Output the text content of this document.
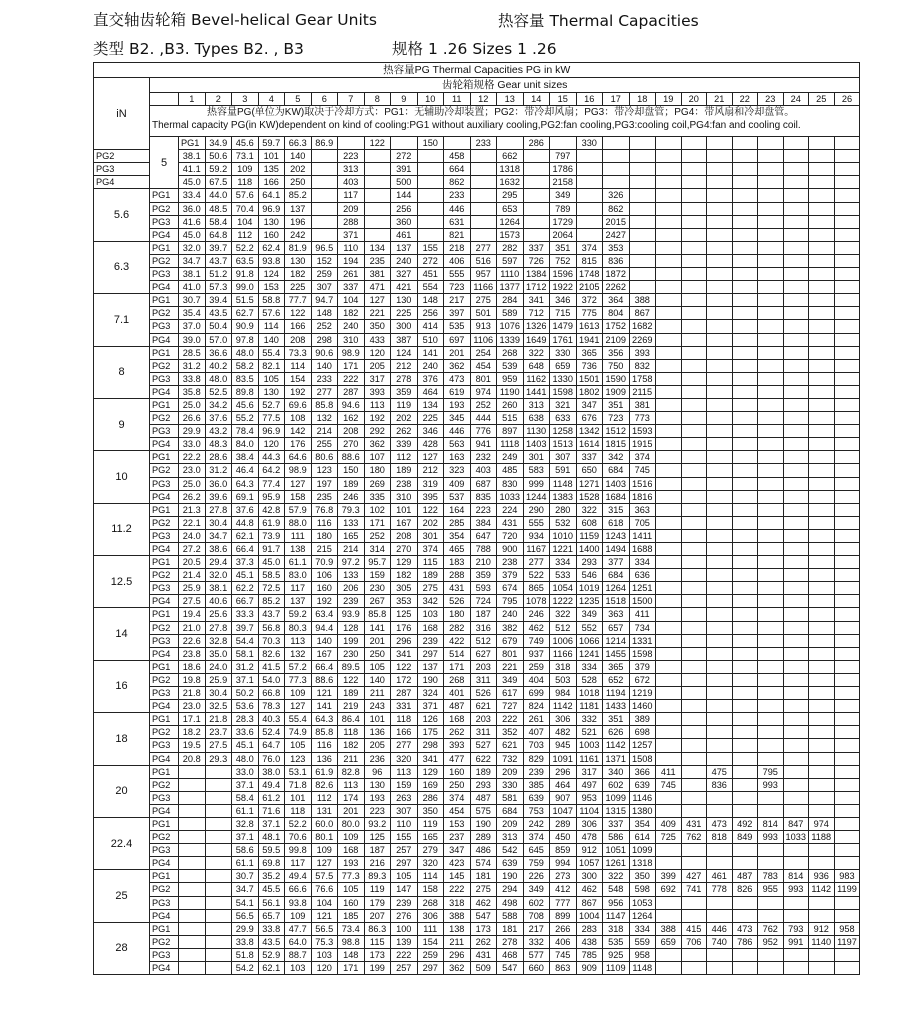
直交轴齿轮箱 Bevel-helical Gear Units	热容量 Thermal Capacities
类型 B2. ,B3. Types B2. , B3	规格 1 .26 Sizes 1 .26
热容量PG Thermal Capacities PG in kW																												
iN	齿轮箱规格 Gear unit sizes																											
		1	2	3	4	5	6	7	8	9	10	11	12	13	14	15	16	17	18	19	20	21	22	23	24	25	26	

	热容量PG(单位为KW)取决于冷却方式：PG1：无辅助冷却装置；PG2：带冷却风扇；PG3：带冷却盘管；PG4：带风扇和冷却盘管。
Thermal capacity PG(in KW)dependent on kind of cooling:PG1 without auxiliary cooling,PG2:fan cooling,PG3:cooling coil,PG4:fan and cooling coil.																											

	5	PG1	34.9	45.6	59.7	66.3	86.9		122		150		233		286		330											
PG2		38.1	50.6	73.1	101	140		223		272		458		662		797												
PG3		41.1	59.2	109	135	202		313		391		664		1318		1786												
PG4		45.0	67.5	118	166	250		403		500		862		1632		2158												
5.6	PG1	33.4	44.0	57.6	64.1	85.2		117		144		233		295		349		326										
	PG2	36.0	48.5	70.4	96.9	137		209		256		446		653		789		862										
	PG3	41.6	58.4	104	130	196		288		360		631		1264		1729		2015										
	PG4	45.0	64.8	112	160	242		371		461		821		1573		2064		2427										
6.3	PG1	32.0	39.7	52.2	62.4	81.9	96.5	110	134	137	155	218	277	282	337	351	374	353										
	PG2	34.7	43.7	63.5	93.8	130	152	194	235	240	272	406	516	597	726	752	815	836										
	PG3	38.1	51.2	91.8	124	182	259	261	381	327	451	555	957	1110	1384	1596	1748	1872										
	PG4	41.0	57.3	99.0	153	225	307	337	471	421	554	723	1166	1377	1712	1922	2105	2262										
7.1	PG1	30.7	39.4	51.5	58.8	77.7	94.7	104	127	130	148	217	275	284	341	346	372	364	388									
	PG2	35.4	43.5	62.7	57.6	122	148	182	221	225	256	397	501	589	712	715	775	804	867									
	PG3	37.0	50.4	90.9	114	166	252	240	350	300	414	535	913	1076	1326	1479	1613	1752	1682									
	PG4	39.0	57.0	97.8	140	208	298	310	433	387	510	697	1106	1339	1649	1761	1941	2109	2269									
8	PG1	28.5	36.6	48.0	55.4	73.3	90.6	98.9	120	124	141	201	254	268	322	330	365	356	393									
	PG2	31.2	40.2	58.2	82.1	114	140	171	205	212	240	362	454	539	648	659	736	750	832									
	PG3	33.8	48.0	83.5	105	154	233	222	317	278	376	473	801	959	1162	1330	1501	1590	1758									
	PG4	35.8	52.5	89.8	130	192	277	287	393	359	464	619	974	1190	1441	1598	1802	1909	2115									
9	PG1	25.0	34.2	45.6	52.7	69.6	85.8	94.6	113	119	134	193	252	260	313	321	347	351	381									
	PG2	26.6	37.6	55.2	77.5	108	132	162	192	202	225	345	444	515	638	633	676	723	773									
	PG3	29.9	43.2	78.4	96.9	142	214	208	292	262	346	446	776	897	1130	1258	1342	1512	1593									
	PG4	33.0	48.3	84.0	120	176	255	270	362	339	428	563	941	1118	1403	1513	1614	1815	1915									
10	PG1	22.2	28.6	38.4	44.3	64.6	80.6	88.6	107	112	127	163	232	249	301	307	337	342	374									
	PG2	23.0	31.2	46.4	64.2	98.9	123	150	180	189	212	323	403	485	583	591	650	684	745									
	PG3	25.0	36.0	64.3	77.4	127	197	189	269	238	319	409	687	830	999	1148	1271	1403	1516									
	PG4	26.2	39.6	69.1	95.9	158	235	246	335	310	395	537	835	1033	1244	1383	1528	1684	1816									
11.2	PG1	21.3	27.8	37.6	42.8	57.9	76.8	79.3	102	101	122	164	223	224	290	280	322	315	363									
	PG2	22.1	30.4	44.8	61.9	88.0	116	133	171	167	202	285	384	431	555	532	608	618	705									
	PG3	24.0	34.7	62.1	73.9	111	180	165	252	208	301	354	647	720	934	1010	1159	1243	1411									
	PG4	27.2	38.6	66.4	91.7	138	215	214	314	270	374	465	788	900	1167	1221	1400	1494	1688									
12.5	PG1	20.5	29.4	37.3	45.0	61.1	70.9	97.2	95.7	129	115	183	210	238	277	334	293	377	334									
	PG2	21.4	32.0	45.1	58.5	83.0	106	133	159	182	189	288	359	379	522	533	546	684	636									
	PG3	25.9	38.1	62.2	72.5	117	160	206	230	305	275	431	593	674	865	1054	1019	1264	1251									
	PG4	27.5	40.6	66.7	85.2	137	192	239	267	353	342	526	724	795	1078	1222	1235	1518	1500									
14	PG1	19.4	25.6	33.3	43.7	59.2	63.4	93.9	85.8	125	103	180	187	240	246	322	349	363	411									
	PG2	21.0	27.8	39.7	56.8	80.3	94.4	128	141	176	168	282	316	382	462	512	552	657	734									
	PG3	22.6	32.8	54.4	70.3	113	140	199	201	296	239	422	512	679	749	1006	1066	1214	1331									
	PG4	23.8	35.0	58.1	82.6	132	167	230	250	341	297	514	627	801	937	1166	1241	1455	1598									
16	PG1	18.6	24.0	31.2	41.5	57.2	66.4	89.5	105	122	137	171	203	221	259	318	334	365	379									
	PG2	19.8	25.9	37.1	54.0	77.3	88.6	122	140	172	190	268	311	349	404	503	528	652	672									
	PG3	21.8	30.4	50.2	66.8	109	121	189	211	287	324	401	526	617	699	984	1018	1194	1219									
	PG4	23.0	32.5	53.6	78.3	127	141	219	243	331	371	487	621	727	824	1142	1181	1433	1460									
18	PG1	17.1	21.8	28.3	40.3	55.4	64.3	86.4	101	118	126	168	203	222	261	306	332	351	389									
	PG2	18.2	23.7	33.6	52.4	74.9	85.8	118	136	166	175	262	311	352	407	482	521	626	698									
	PG3	19.5	27.5	45.1	64.7	105	116	182	205	277	298	393	527	621	703	945	1003	1142	1257									
	PG4	20.8	29.3	48.0	76.0	123	136	211	236	320	341	477	622	732	829	1091	1161	1371	1508									
20	PG1			33.0	38.0	53.1	61.9	82.8	96	113	129	160	189	209	239	296	317	340	366	411		475		795				
	PG2			37.1	49.4	71.8	82.6	113	130	159	169	250	293	330	385	464	497	602	639	745		836		993				
	PG3			58.4	61.2	101	112	174	193	263	286	374	487	581	639	907	953	1099	1146									
	PG4			61.1	71.6	118	131	201	223	307	350	454	575	684	753	1047	1104	1315	1380									
22.4	PG1			32.8	37.1	52.2	60.0	80.0	93.2	110	119	153	190	209	242	289	306	337	354	409	431	473	492	814	847	974		
	PG2			37.1	48.1	70.6	80.1	109	125	155	165	237	289	313	374	450	478	586	614	725	762	818	849	993	1033	1188		
	PG3			58.6	59.5	99.8	109	168	187	257	279	347	486	542	645	859	912	1051	1099									
	PG4			61.1	69.8	117	127	193	216	297	320	423	574	639	759	994	1057	1261	1318									
25	PG1			30.7	35.2	49.4	57.5	77.3	89.3	105	114	145	181	190	226	273	300	322	350	399	427	461	487	783	814	936	983	
	PG2			34.7	45.5	66.6	76.6	105	119	147	158	222	275	294	349	412	462	548	598	692	741	778	826	955	993	1142	1199	
	PG3			54.1	56.1	93.8	104	160	179	239	268	318	462	498	602	777	867	956	1053									
	PG4			56.5	65.7	109	121	185	207	276	306	388	547	588	708	899	1004	1147	1264									
28	PG1			29.9	33.8	47.7	56.5	73.4	86.3	100	111	138	173	181	217	266	283	318	334	388	415	446	473	762	793	912	958	
	PG2			33.8	43.5	64.0	75.3	98.8	115	139	154	211	262	278	332	406	438	535	559	659	706	740	786	952	991	1140	1197	
	PG3			51.8	52.9	88.7	103	148	173	222	259	296	431	468	577	745	785	925	958									
	PG4			54.2	62.1	103	120	171	199	257	297	362	509	547	660	863	909	1109	1148									
